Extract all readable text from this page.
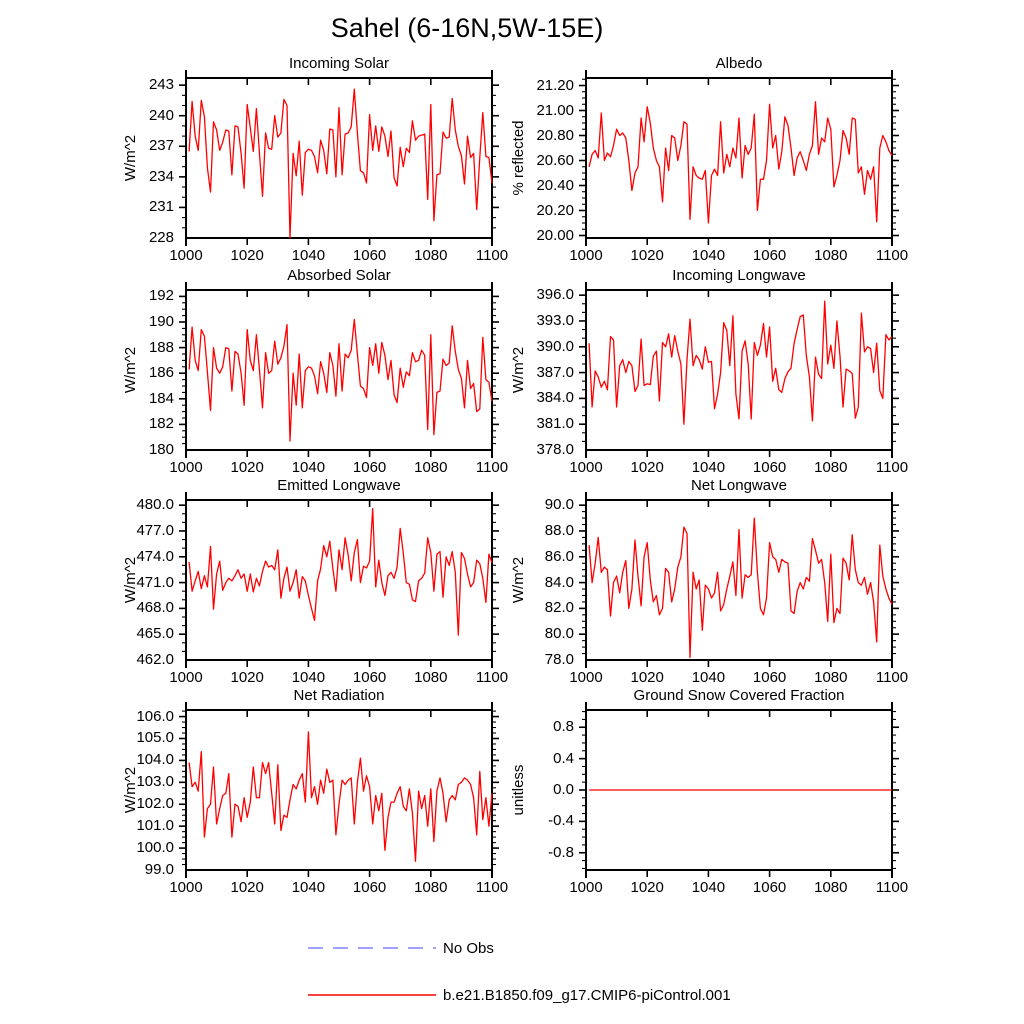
Sahel (6-16N,5W-15E)
Incoming Solar
W/m^2
Albedo
% reflected
Absorbed Solar
W/m^2
Incoming Longwave
W/m^2
Emitted Longwave
W/m^2
Net Longwave
W/m^2
Net Radiation
W/m^2
Ground Snow Covered Fraction
unitless
No Obs
b.e21.B1850.f09_g17.CMIP6-piControl.001
228
231
234
237
240
243
1000	1020	1040	1060	1080	1100
20.00
20.20
20.40
20.60
20.80
21.00
21.20
1000	1020	1040	1060	1080	1100
180
182
184
186
188
190
192
1000	1020	1040	1060	1080	1100
378.0
381.0
384.0
387.0
390.0
393.0
396.0
1000	1020	1040	1060	1080	1100
462.0
465.0
468.0
471.0
474.0
477.0
480.0
1000	1020	1040	1060	1080	1100
78.0
80.0
82.0
84.0
86.0
88.0
90.0
1000	1020	1040	1060	1080	1100
99.0
100.0
101.0
102.0
103.0
104.0
105.0
106.0
1000	1020	1040	1060	1080	1100
-0.8
-0.4
0.0
0.4
0.8
1000	1020	1040	1060	1080	1100
